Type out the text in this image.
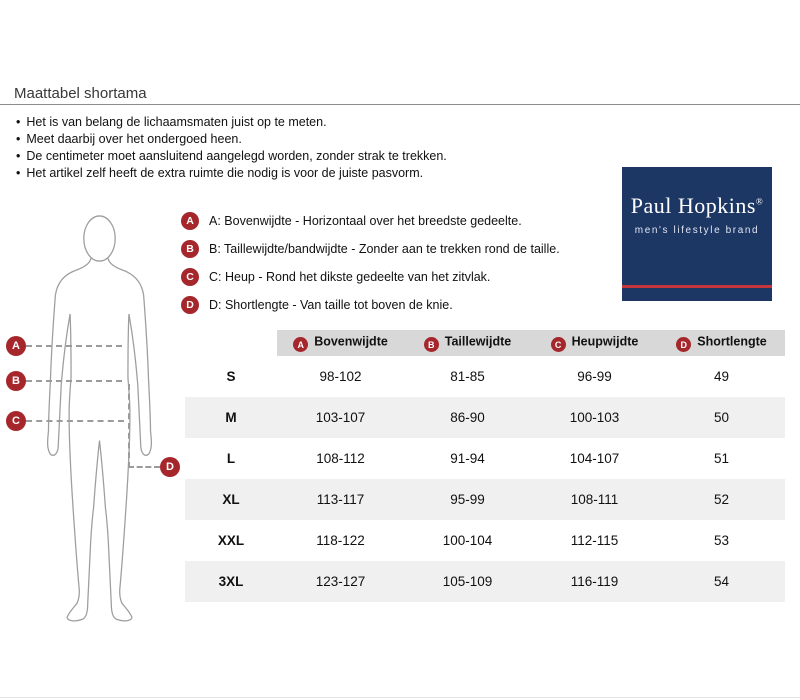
Maattabel shortama
• Het is van belang de lichaamsmaten juist op te meten.
• Meet daarbij over het ondergoed heen.
• De centimeter moet aansluitend aangelegd worden, zonder strak te trekken.
• Het artikel zelf heeft de extra ruimte die nodig is voor de juiste pasvorm.
A	A: Bovenwijdte - Horizontaal over het breedste gedeelte.
B	B: Taillewijdte/bandwijdte - Zonder aan te trekken rond de taille.
C	C: Heup - Rond het dikste gedeelte van het zitvlak.
D	D: Shortlengte - Van taille tot boven de knie.
Paul Hopkins®
men's lifestyle brand
A
B
C
D
	A Bovenwijdte	B Taillewijdte	C Heupwijdte	D Shortlengte
S	98-102	81-85	96-99	49
M	103-107	86-90	100-103	50
L	108-112	91-94	104-107	51
XL	113-117	95-99	108-111	52
XXL	118-122	100-104	112-115	53
3XL	123-127	105-109	116-119	54
